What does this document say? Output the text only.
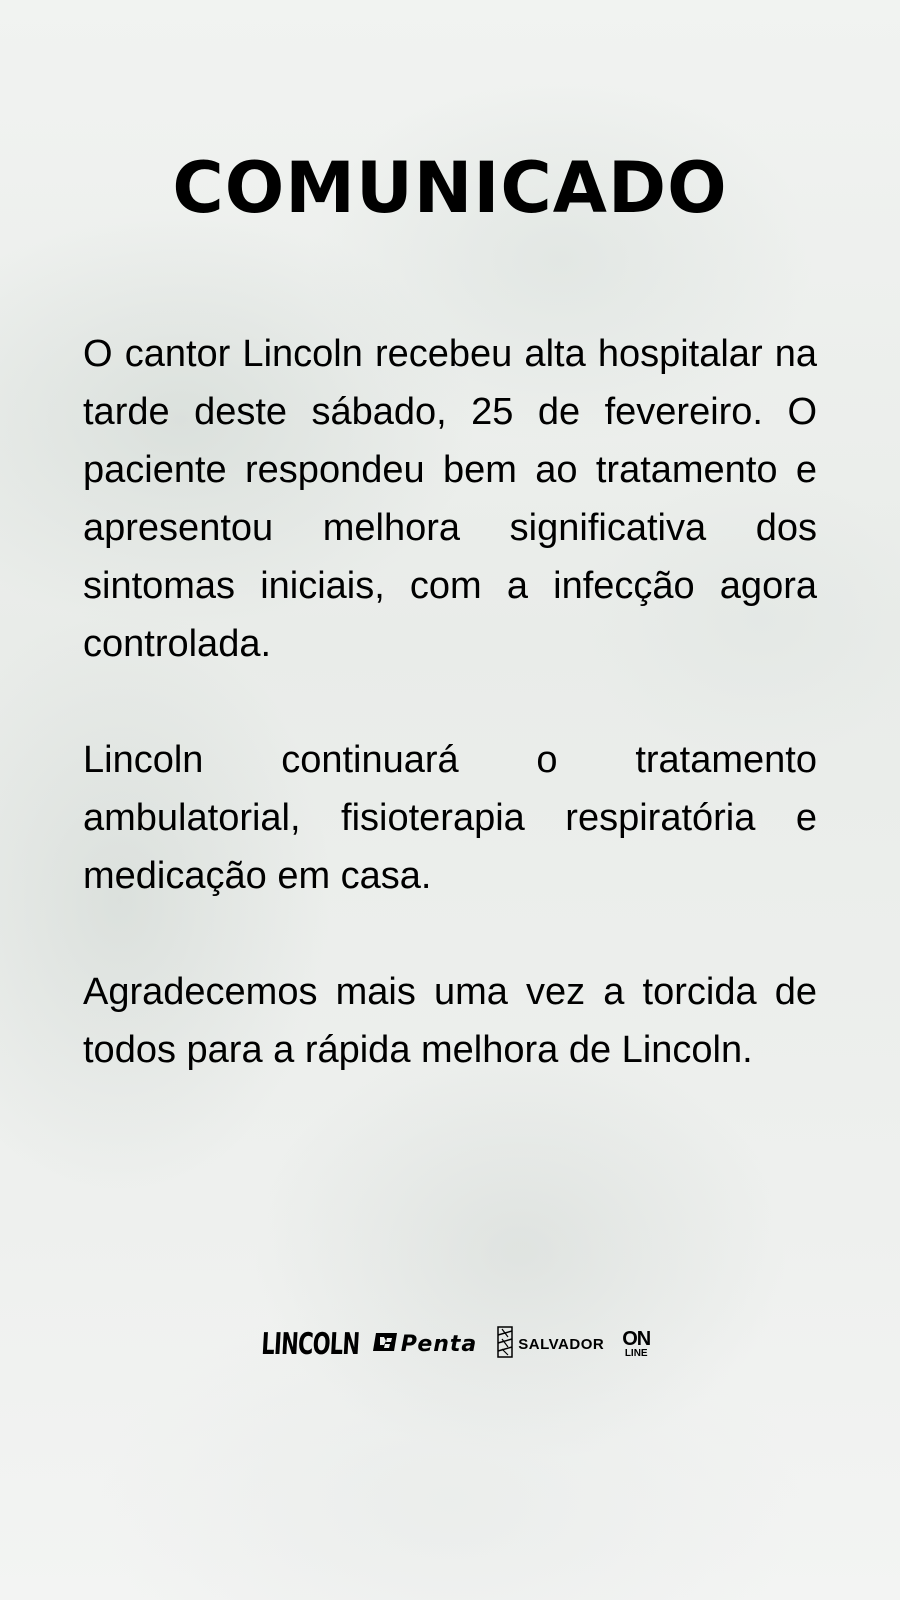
COMUNICADO

O cantor Lincoln recebeu alta hospitalar na tarde deste sábado, 25 de fevereiro. O paciente respondeu bem ao tratamento e apresentou melhora significativa dos sintomas iniciais, com a infecção agora controlada.

Lincoln continuará o tratamento ambulatorial, fisioterapia respiratória e medicação em casa.

Agradecemos mais uma vez a torcida de todos para a rápida melhora de Lincoln.

LINCOLN Penta	SALVADOR ON
LINE
